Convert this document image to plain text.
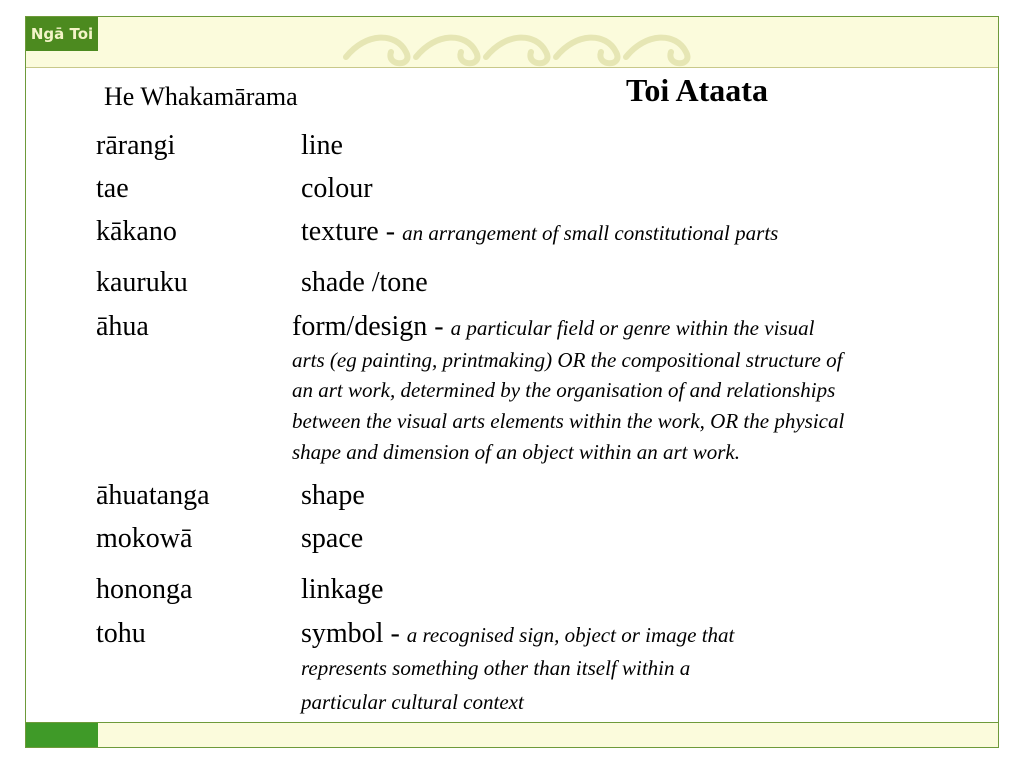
Ngā Toi
He Whakamārama	Toi Ataata
rārangi	line
tae	colour
kākano	texture - an arrangement of small constitutional parts
kauruku	shade /tone
āhua	form/design - a particular field or genre within the visual
arts (eg painting, printmaking) OR the compositional structure of
an art work, determined by the organisation of and relationships
between the visual arts elements within the work, OR the physical
shape and dimension of an object within an art work.
āhuatanga	shape
mokowā	space
hononga	linkage
tohu	symbol - a recognised sign, object or image that
represents something other than itself within a
particular cultural context
